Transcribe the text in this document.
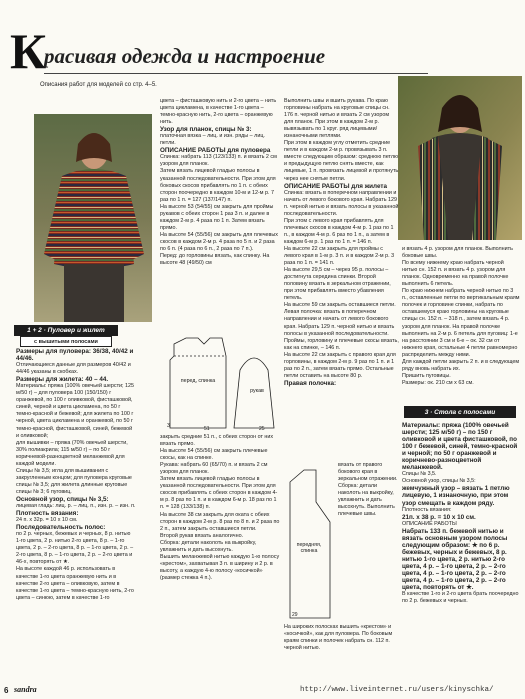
К
расивая одежда и настроение
Описания работ для моделей со стр. 4–5.
1 + 2 · Пуловер и жилет
с вышитыми полосами

Размеры для пуловера: 36/38, 40/42 и 44/46.

Отличающиеся данные для размеров 40/42 и 44/46 указаны в скобках.

Размеры для жилета: 40 – 44.

Материалы: пряжа (100% овечьей шерсти; 125 м/50 г) – для пуловера 100 (150/150) г оранжевой, по 100 г оливковой, фисташковой, синей, черной и цвета цикламена, по 50 г темно-красной и бежевой; для жилета по 100 г черной, цвета цикламена и оранжевой, по 50 г темно-красной, фисташковой, синей, бежевой и оливковой;

для вышивки – пряжа (70% овечьей шерсти, 30% полиакрила; 115 м/50 г) – по 50 г коричневой-разноцветной меланжевой для каждой модели.

Спицы № 3,5; игла для вышивания с закругленным концом; для пуловера круговые спицы № 3,5; для жилета длинные круговые спицы № 3; 6 пуговиц.

Основной узор, спицы № 3,5:

лицевая гладь: лиц. р. – лиц. п., изн. р. – изн. п.

Плотность вязания:

24 п. x 32р. = 10 x 10 см.

Последовательность полос:

по 2 р. черных, бежевых и черных, 8 р. нитью 1-го цвета, 2 р. нитью 2-го цвета, 8 р. – 1-го цвета, 2 р. – 2-го цвета, 8 р. – 1-го цвета, 2 р. – 2-го цвета, 8 р. – 1-го цвета, 2 р. – 2-го цвета и 46-х, повторять от ★.

На высоте каждой 46 р. использовать в качестве 1-го цвета оранжевую нить и в качестве 2-го цвета – оливковую, затем в качестве 1-го цвета – темно-красную нить, 2-го цвета – синюю, затем в качестве 1-го

цвета – фисташковую нить и 2-го цвета – нить цвета цикламена, в качестве 1-го цвета – темно-красную нить, 2-го цвета – оранжевую нить.

Узор для планок, спицы № 3:

платочная вязка – лиц. и изн. ряды – лиц. петли.

ОПИСАНИЕ РАБОТЫ для пуловера

Спинка: набрать 113 (123/133) п. и вязать 2 см узором для планок.

Затем вязать лицевой гладью полосы в указанной последовательности. При этом для боковых скосов прибавлять по 1 п. с обеих сторон поочередно в каждом 10-м и 12-м р. 7 раз по 1 п. = 127 (137/147) п.

На высоте 53 (54/55) см закрыть для проймы рукавов с обеих сторон 1 раз 3 п. и далее в каждом 2-м р. 4 раза по 1 п. Затем вязать прямо.

На высоте 54 (55/56) см закрыть для плечевых скосов в каждом 2-м р. 4 раза по 5 п. и 2 раза по 6 п. (4 раза по 6 п., 2 раза по 7 п.).

Перед: до горловины вязать, как спинку. На высоте 48 (49/50) см

3	51	25
перед, спинка
рукав

закрыть средние 51 п., с обеих сторон от них вязать прямо.

На высоте 54 (55/56) см закрыть плечевые скосы, как на спинке.

Рукава: набрать 60 (65/70) п. и вязать 2 см узором для планок.

Затем вязать лицевой гладью полосы в указанной последовательности. При этом для скосов прибавлять с обеих сторон в каждом 4-м р. 8 раз по 1 п. и в каждом 6-м р. 18 раз по 1 п. = 128 (133/138) п.

На высоте 38 см закрыть для оката с обеих сторон в каждом 2-м р. 8 раз по 8 п. и 2 раза по 2 п., затем закрыть оставшиеся петли.

Второй рукав вязать аналогично.

Сборка: детали наколоть на выкройку, увлажнить и дать высохнуть.

Вышить меланжевой нитью каждую 1-ю полосу «крестом», захватывая 3 п. в ширину и 2 р. в высоту, а каждую 4-ю полосу «косичкой» (размер стежка 4 п.).

Выполнить швы и вшить рукава. По краю горловины набрать на круговые спицы сн. 176 п. черной нитью и вязать 2 см узором для планок. При этом в каждом 2-м р. вывязывать по 1 круг. ряд лицевыми/изнаночными петлями.

При этом в каждом углу отметить средние петли и в каждом 2-м р. провязывать 3 п. вместе следующим образом: среднюю петлю и предыдущую петлю снять вместе, как лицевые, 1 п. провязать лицевой и протянуть через нее снятые петли.

ОПИСАНИЕ РАБОТЫ для жилета

Спинка: вязать в поперечном направлении и начать от левого бокового края. Набрать 129 п. черной нитью и вязать полосы в указанной последовательности.

При этом с левого края прибавлять для плечевых скосов в каждом 4-м р. 1 раз по 1 п., в каждом 4-м р. 6 раз по 1 п., а затем в каждом 6-м р. 1 раз по 1 п. = 146 п.

На высоте 22 см закрыть для проймы с левого края в 1-м р. 3 п. и в каждом 2-м р. 3 раза по 1 п. = 141 п.

На высоте 29,5 см – через 95 р. полосы – достигнута середина спинки. Второй половину вязать в зеркальном отражении, при этом прибавлять вместо убавления петель.

На высоте 59 см закрыть оставшиеся петли.

Левая полочка: вязать в поперечном направлении и начать от левого бокового края. Набрать 129 п. черной нитью и вязать полосы в указанной последовательности.

Проймы, горловину и плечевые скосы вязать, как на спинке, – 146 п.

На высоте 22 см закрыть с правого края для горловины, в каждом 2-м р. 9 раз по 1 п. и 1 раз по 2 п., затем вязать прямо. Остальные петли оставить на высоте 80 р.

Правая полочка:

29
передняя, спинка

вязать от правого бокового края в зеркальном отражении.

Сборка: детали наколоть на выкройку, увлажнить и дать высохнуть. Выполнить плечевые швы.

На широких полосках вышить «крестом» и «косичкой», как для пуловера. По боковым краям спинки и полочек набрать сн. 112 п. черной нитью.

и вязать 4 р. узором для планок. Выполнить боковые швы.

По всему нижнему краю набрать черной нитью сн. 152 п. и вязать 4 р. узором для планок. Одновременно на правой полочке выполнить 6 петель.

По краю нижнем набрать черной нитью по 3 п., оставленные петли по вертикальным краям полочек и горловине спинки, набрать по оставшемуся краю горловины на круговые спицы сн. 152 п. – 318 п., затем вязать 4 р. узором для планок. На правой полочке выполнить на 2-м р. 6 петель для пуговиц: 1-е на расстоянии 3 см и 6-е – ок. 32 см от нижнего края, остальные 4 петли равномерно распределить между ними.

Для каждой петли закрыть 2 п. и в следующем ряду вновь набрать их.

Пришить пуговицы.

Размеры: ок. 210 см x 63 см.

3 · Стола с полосами

Материалы: пряжа (100% овечьей шерсти; 125 м/50 г) – по 150 г оливковой и цвета фисташковой, по 100 г бежевой, синей, темно-красной и черной; по 50 г оранжевой и коричнево-разноцветной меланжевой.

Спицы № 3,5.

Основной узор, спицы № 3,5:

жемчужный узор – вязать 1 петлю лицевую, 1 изнаночную, при этом узор смещать в каждом ряду.

Плотность вязания:

21п. x 38 р. = 10 x 10 см.

ОПИСАНИЕ РАБОТЫ

Набрать 133 п. бежевой нитью и вязать основным узором полосы следующим образом: ★ по 6 р. бежевых, черных и бежевых, 8 р. нитью 1-го цвета, 2 р. нитью 2-го цвета, 4 р. – 1-го цвета, 2 р. – 2-го цвета, 4 р. – 1-го цвета, 2 р. – 2-го цвета, 4 р. – 1-го цвета, 2 р. – 2-го цвета, повторять от ★.

В качестве 1-го и 2-го цвета брать поочередно по 2 р. бежевых и черных.

6 sandra	http://www.liveinternet.ru/users/kinyschka/
